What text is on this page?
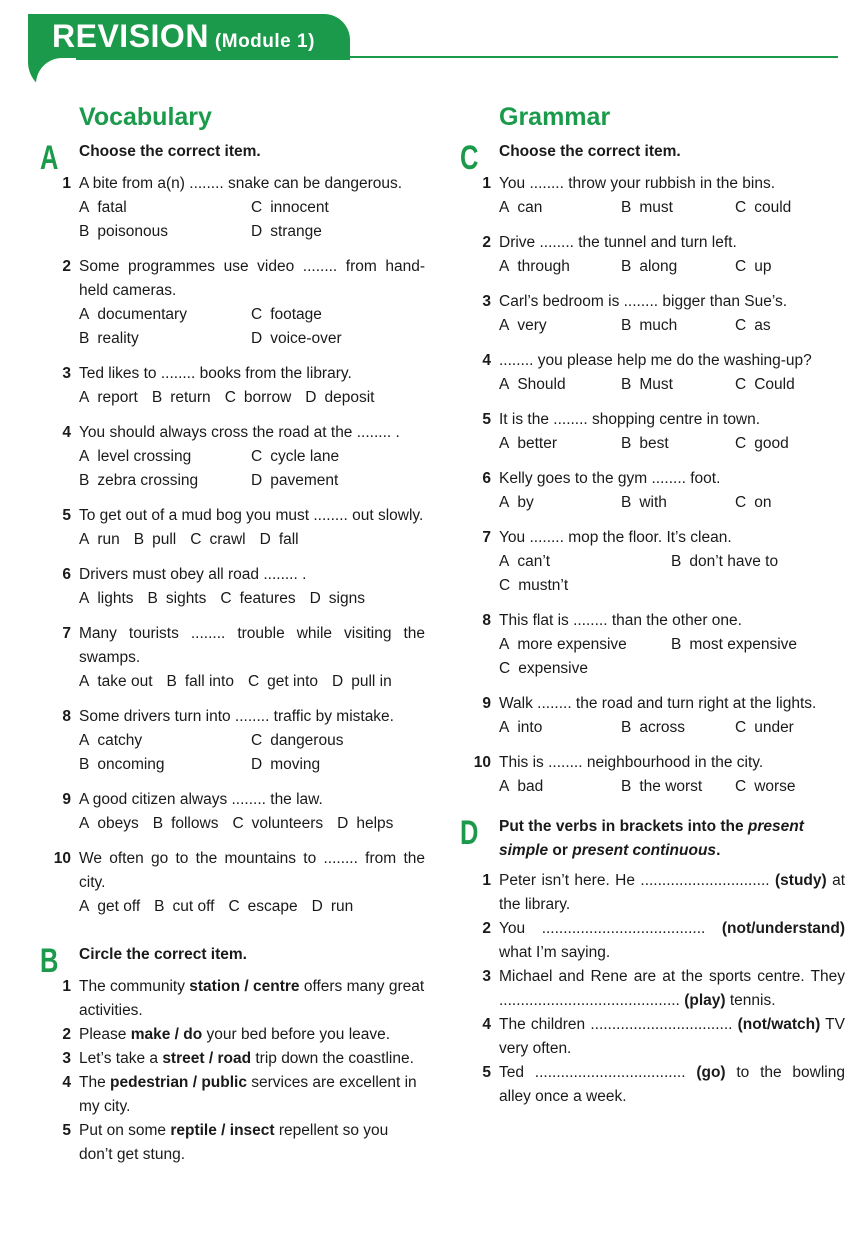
REVISION (Module 1)
Vocabulary
A Choose the correct item.
1 A bite from a(n) ........ snake can be dangerous.
A fatal	C innocent
B poisonous	D strange
2 Some programmes use video ........ from hand-held cameras.
A documentary	C footage
B reality	D voice-over
3 Ted likes to ........ books from the library.
A report B return C borrow D deposit
4 You should always cross the road at the ........ .
A level crossing	C cycle lane
B zebra crossing	D pavement
5 To get out of a mud bog you must ........ out slowly.
A run B pull C crawl D fall
6 Drivers must obey all road ........ .
A lights B sights C features D signs
7 Many tourists ........ trouble while visiting the swamps.
A take out B fall into C get into D pull in
8 Some drivers turn into ........ traffic by mistake.
A catchy	C dangerous
B oncoming	D moving
9 A good citizen always ........ the law.
A obeys B follows C volunteers D helps
10 We often go to the mountains to ........ from the city.
A get off B cut off C escape D run
B Circle the correct item.
1 The community station / centre offers many great activities.
2 Please make / do your bed before you leave.
3 Let’s take a street / road trip down the coastline.
4 The pedestrian / public services are excellent in my city.
5 Put on some reptile / insect repellent so you don’t get stung.
Grammar
C Choose the correct item.
1 You ........ throw your rubbish in the bins.
A can	B must	C could
2 Drive ........ the tunnel and turn left.
A through	B along	C up
3 Carl’s bedroom is ........ bigger than Sue’s.
A very	B much	C as
4 ........ you please help me do the washing-up?
A Should	B Must	C Could
5 It is the ........ shopping centre in town.
A better	B best	C good
6 Kelly goes to the gym ........ foot.
A by	B with	C on
7 You ........ mop the floor. It’s clean.
A can’t	B don’t have to
C mustn’t
8 This flat is ........ than the other one.
A more expensive	B most expensive
C expensive
9 Walk ........ the road and turn right at the lights.
A into	B across	C under
10 This is ........ neighbourhood in the city.
A bad	B the worst	C worse
D Put the verbs in brackets into the present simple or present continuous.
1 Peter isn’t here. He .............................. (study) at the library.
2 You ...................................... (not/understand) what I’m saying.
3 Michael and Rene are at the sports centre. They .......................................... (play) tennis.
4 The children ................................. (not/watch) TV very often.
5 Ted ................................... (go) to the bowling alley once a week.
